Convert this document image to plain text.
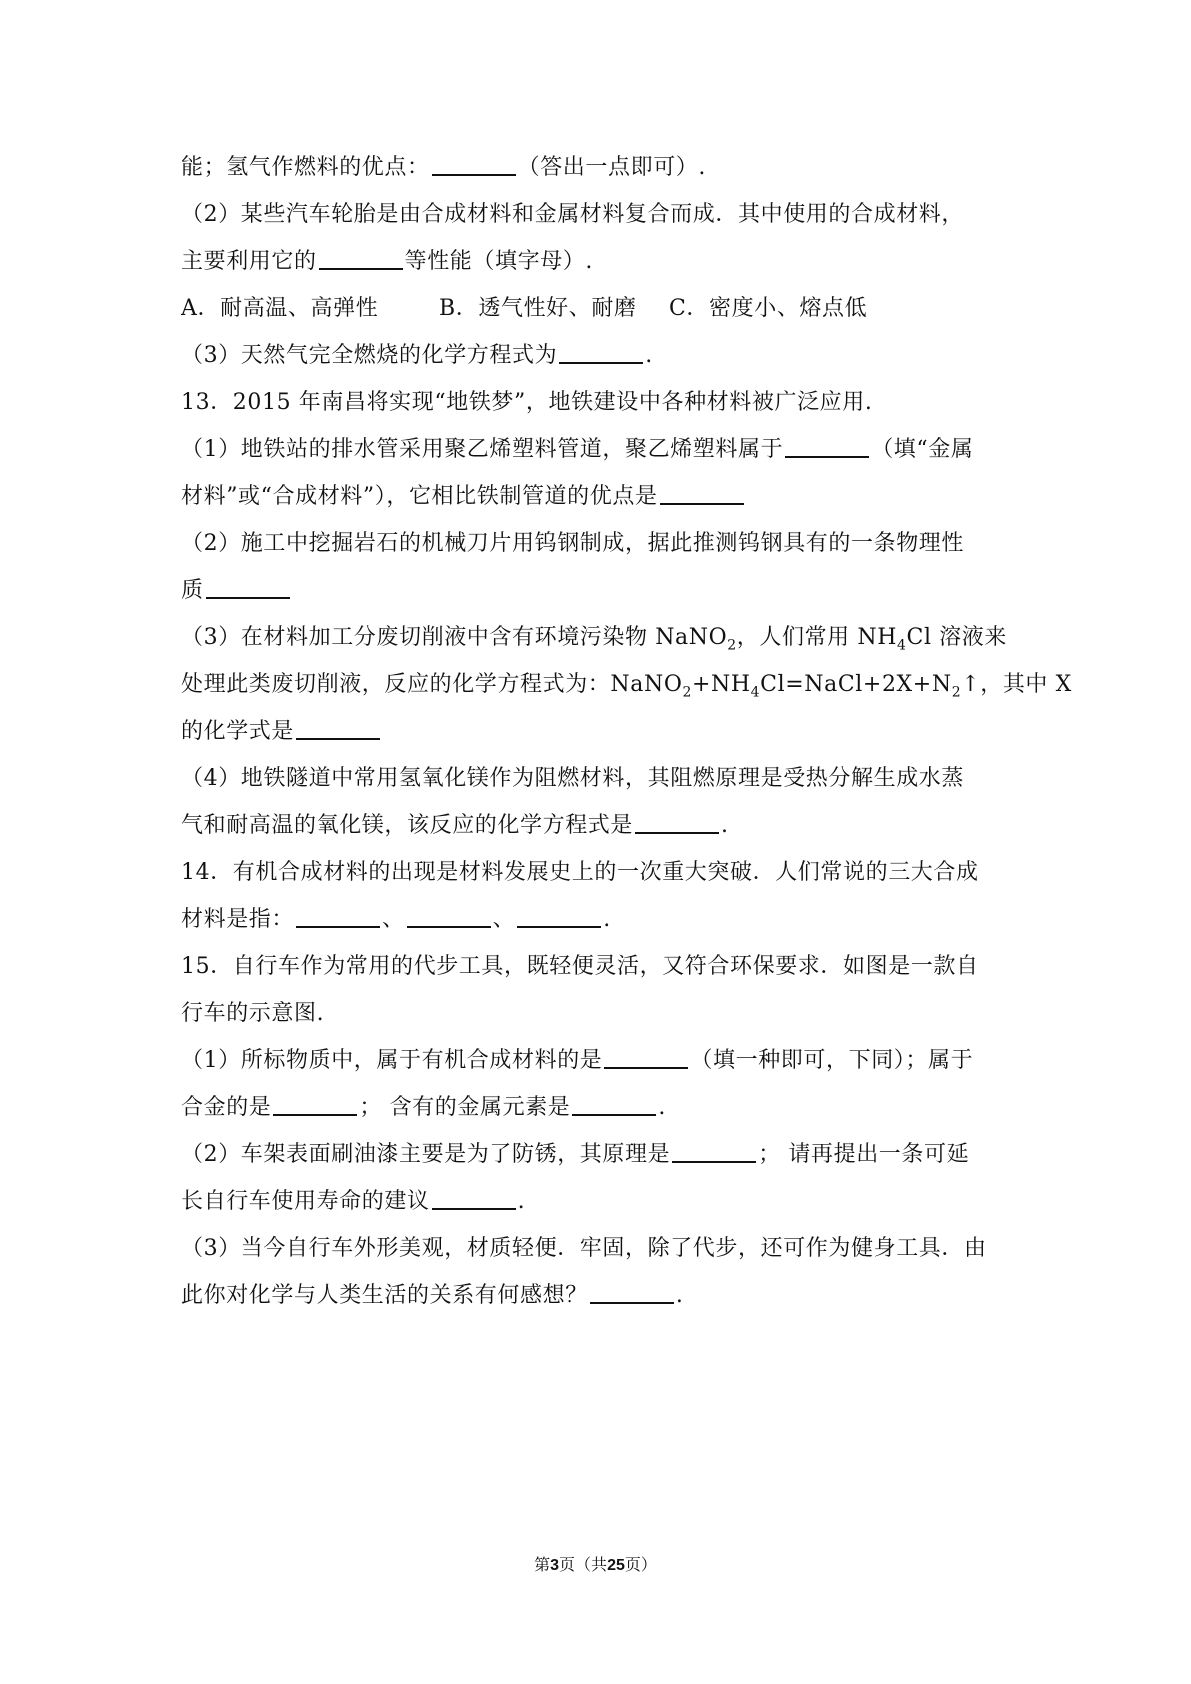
能；氢气作燃料的优点：	（答出一点即可）.
（2）某些汽车轮胎是由合成材料和金属材料复合而成．其中使用的合成材料，
主要利用它的	等性能（填字母）.
A．耐高温、高弹性	B．透气性好、耐磨 C．密度小、熔点低
（3）天然气完全燃烧的化学方程式为	.
13．2015 年南昌将实现“地铁梦”，地铁建设中各种材料被广泛应用.
（1）地铁站的排水管采用聚乙烯塑料管道，聚乙烯塑料属于	（填“金属
材料”或“合成材料”），它相比铁制管道的优点是
（2）施工中挖掘岩石的机械刀片用钨钢制成，据此推测钨钢具有的一条物理性
质
（3）在材料加工分废切削液中含有环境污染物 NaNO$_2$，人们常用 $NH_4Cl$ 溶液来
处理此类废切削液，反应的化学方程式为：$NaNO_2+NH_4Cl=NaCl+2X+N_2↑$，其中 X
的化学式是
（4）地铁隧道中常用氢氧化镁作为阻燃材料，其阻燃原理是受热分解生成水蒸
气和耐高温的氧化镁，该反应的化学方程式是	.
14．有机合成材料的出现是材料发展史上的一次重大突破．人们常说的三大合成
材料是指：	、	、	.
15．自行车作为常用的代步工具，既轻便灵活，又符合环保要求．如图是一款自
行车的示意图.
（1）所标物质中，属于有机合成材料的是	（填一种即可，下同）；属于
合金的是	； 含有的金属元素是	.
（2）车架表面刷油漆主要是为了防锈，其原理是	； 请再提出一条可延
长自行车使用寿命的建议	.
（3）当今自行车外形美观，材质轻便．牢固，除了代步，还可作为健身工具．由
此你对化学与人类生活的关系有何感想？	.
第3页（共25页）
